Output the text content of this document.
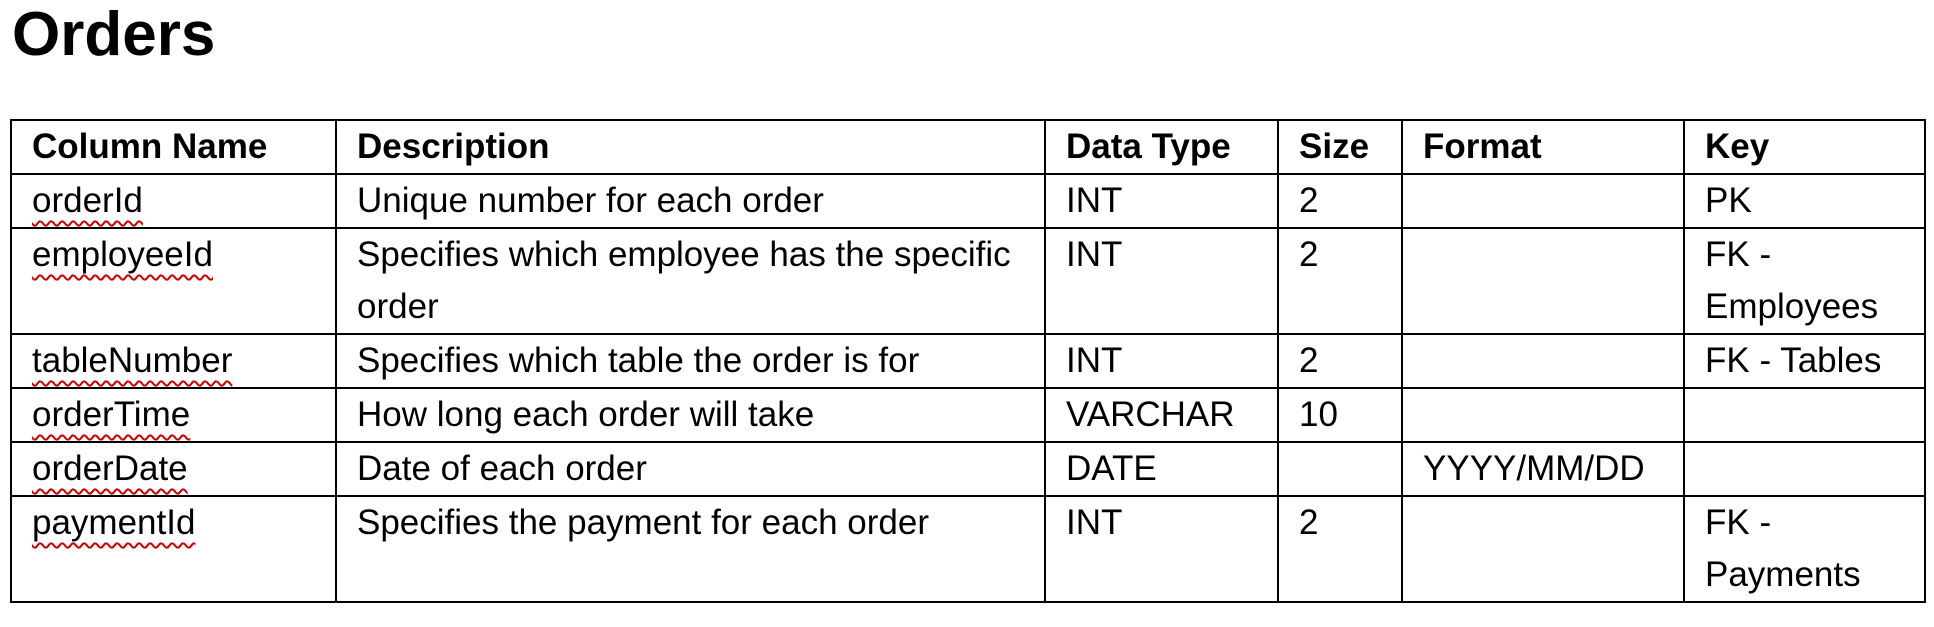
Orders
Column Name	Description	Data Type	Size	Format	Key
orderId	Unique number for each order	INT	2		PK
employeeId	Specifies which employee has the specific order	INT	2		FK - Employees
tableNumber	Specifies which table the order is for	INT	2		FK - Tables
orderTime	How long each order will take	VARCHAR	10		
orderDate	Date of each order	DATE		YYYY/MM/DD	
paymentId	Specifies the payment for each order	INT	2		FK - Payments
